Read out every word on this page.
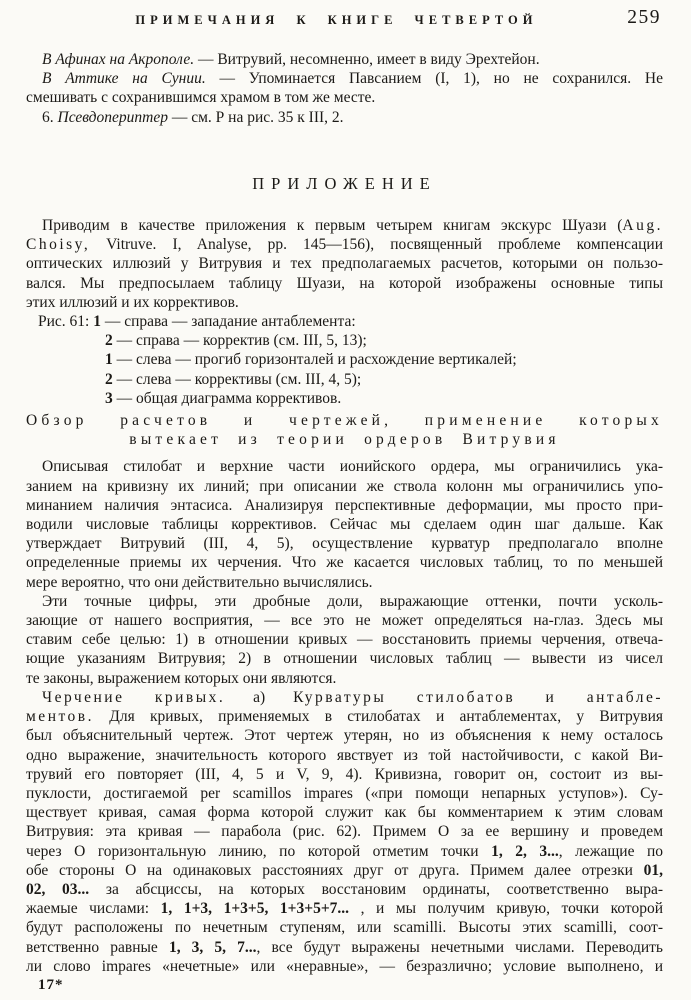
ПРИМЕЧАНИЯ К КНИГЕ ЧЕТВЕРТОЙ	259
В Афинах на Акрополе. — Витрувий, несомненно, имеет в виду Эрехтейон.
В Аттике на Сунии. — Упоминается Павсанием (I, 1), но не сохранился. Не
смешивать с сохранившимся храмом в том же месте.
6. Псевдопериптер — см. Р на рис. 35 к III, 2.
ПРИЛОЖЕНИЕ
Приводим в качестве приложения к первым четырем книгам экскурс Шуази (Aug.
Choisy, Vitruve. I, Analyse, pp. 145—156), посвященный проблеме компенсации
оптических иллюзий у Витрувия и тех предполагаемых расчетов, которыми он пользо-
вался. Мы предпосылаем таблицу Шуази, на которой изображены основные типы
этих иллюзий и их коррективов.
Рис. 61: 1 — справа — западание антаблемента:
2 — справа — корректив (см. III, 5, 13);
1 — слева — прогиб горизонталей и расхождение вертикалей;
2 — слева — коррективы (см. III, 4, 5);
3 — общая диаграмма коррективов.
Обзор расчетов и чертежей, применение которых
вытекает из теории ордеров Витрувия
Описывая стилобат и верхние части ионийского ордера, мы ограничились ука-
занием на кривизну их линий; при описании же ствола колонн мы ограничились упо-
минанием наличия энтасиса. Анализируя перспективные деформации, мы просто при-
водили числовые таблицы коррективов. Сейчас мы сделаем один шаг дальше. Как
утверждает Витрувий (III, 4, 5), осуществление курватур предполагало вполне
определенные приемы их черчения. Что же касается числовых таблиц, то по меньшей
мере вероятно, что они действительно вычислялись.
Эти точные цифры, эти дробные доли, выражающие оттенки, почти усколь-
зающие от нашего восприятия, — все это не может определяться на-глаз. Здесь мы
ставим себе целью: 1) в отношении кривых — восстановить приемы черчения, отвеча-
ющие указаниям Витрувия; 2) в отношении числовых таблиц — вывести из чисел
те законы, выражением которых они являются.
Черчение кривых. а) Курватуры стилобатов и антабле-
ментов. Для кривых, применяемых в стилобатах и антаблементах, у Витрувия
был объяснительный чертеж. Этот чертеж утерян, но из объяснения к нему осталось
одно выражение, значительность которого явствует из той настойчивости, с какой Ви-
трувий его повторяет (III, 4, 5 и V, 9, 4). Кривизна, говорит он, состоит из вы-
пуклости, достигаемой per scamillos impares («при помощи непарных уступов»). Су-
ществует кривая, самая форма которой служит как бы комментарием к этим словам
Витрувия: эта кривая — парабола (рис. 62). Примем О за ее вершину и проведем
через О горизонтальную линию, по которой отметим точки 1, 2, 3..., лежащие по
обе стороны О на одинаковых расстояниях друг от друга. Примем далее отрезки 01,
02, 03... за абсциссы, на которых восстановим ординаты, соответственно выра-
жаемые числами: 1, 1+3, 1+3+5, 1+3+5+7... , и мы получим кривую, точки которой
будут расположены по нечетным ступеням, или scamilli. Высоты этих scamilli, соот-
ветственно равные 1, 3, 5, 7..., все будут выражены нечетными числами. Переводить
ли слово impares «нечетные» или «неравные», — безразлично; условие выполнено, и
17*
